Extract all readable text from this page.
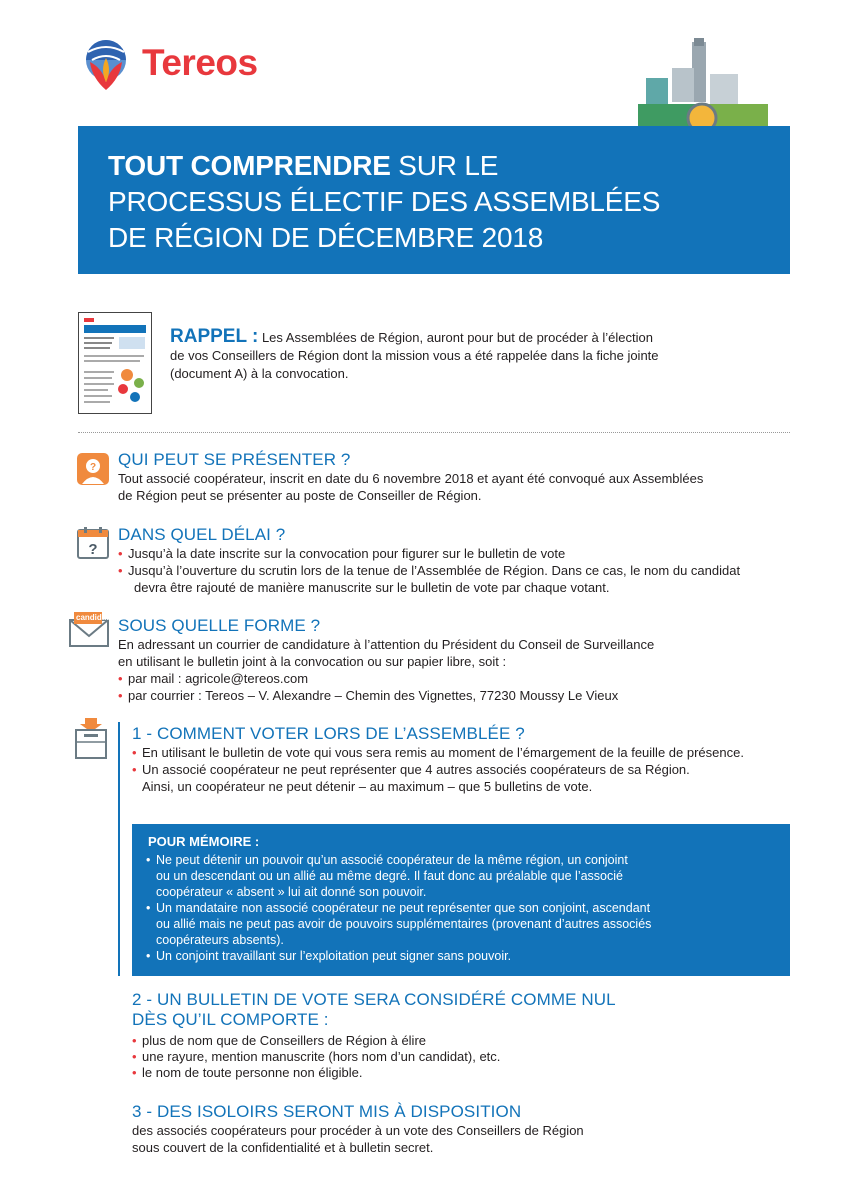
Tereos
TOUT COMPRENDRE SUR LE
PROCESSUS ÉLECTIF DES ASSEMBLÉES
DE RÉGION DE DÉCEMBRE 2018
RAPPEL : Les Assemblées de Région, auront pour but de procéder à l’élection
de vos Conseillers de Région dont la mission vous a été rappelée dans la fiche jointe
(document A) à la convocation.
? QUI PEUT SE PRÉSENTER ?
Tout associé coopérateur, inscrit en date du 6 novembre 2018 et ayant été convoqué aux Assemblées
de Région peut se présenter au poste de Conseiller de Région.
?
DANS QUEL DÉLAI ?
• Jusqu’à la date inscrite sur la convocation pour figurer sur le bulletin de vote
• Jusqu’à l’ouverture du scrutin lors de la tenue de l’Assemblée de Région. Dans ce cas, le nom du candidat
devra être rajouté de manière manuscrite sur le bulletin de vote par chaque votant.
candidat SOUS QUELLE FORME ?
En adressant un courrier de candidature à l’attention du Président du Conseil de Surveillance
en utilisant le bulletin joint à la convocation ou sur papier libre, soit :
• par mail : agricole@tereos.com
• par courrier : Tereos – V. Alexandre – Chemin des Vignettes, 77230 Moussy Le Vieux
1 - COMMENT VOTER LORS DE L’ASSEMBLÉE ?
• En utilisant le bulletin de vote qui vous sera remis au moment de l’émargement de la feuille de présence.
• Un associé coopérateur ne peut représenter que 4 autres associés coopérateurs de sa Région.
Ainsi, un coopérateur ne peut détenir – au maximum – que 5 bulletins de vote.
POUR MÉMOIRE :
• Ne peut détenir un pouvoir qu’un associé coopérateur de la même région, un conjoint
ou un descendant ou un allié au même degré. Il faut donc au préalable que l’associé
coopérateur « absent » lui ait donné son pouvoir.
• Un mandataire non associé coopérateur ne peut représenter que son conjoint, ascendant
ou allié mais ne peut pas avoir de pouvoirs supplémentaires (provenant d’autres associés
coopérateurs absents).
• Un conjoint travaillant sur l’exploitation peut signer sans pouvoir.
2 - UN BULLETIN DE VOTE SERA CONSIDÉRÉ COMME NUL
DÈS QU’IL COMPORTE :
• plus de nom que de Conseillers de Région à élire
• une rayure, mention manuscrite (hors nom d’un candidat), etc.
• le nom de toute personne non éligible.
3 - DES ISOLOIRS SERONT MIS À DISPOSITION
des associés coopérateurs pour procéder à un vote des Conseillers de Région
sous couvert de la confidentialité et à bulletin secret.
